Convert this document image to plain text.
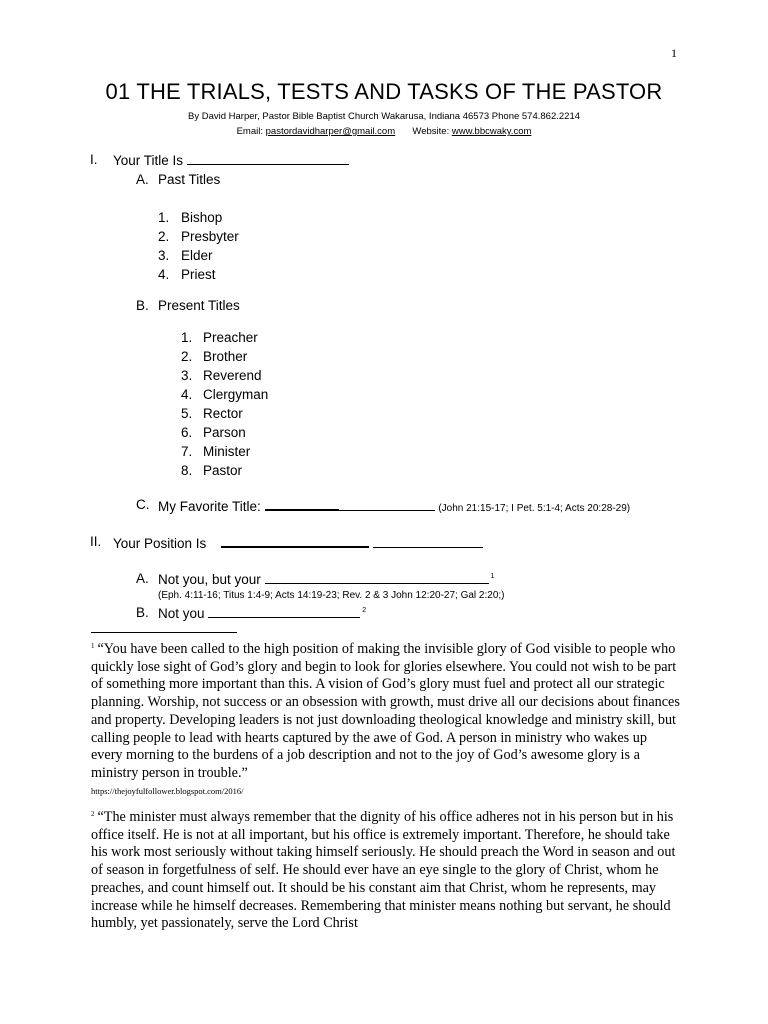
1
01 THE TRIALS, TESTS AND TASKS OF THE PASTOR
By David Harper, Pastor Bible Baptist Church Wakarusa, Indiana 46573 Phone 574.862.2214
Email: pastordavidharper@gmail.com Website: www.bbcwaky.com
I. Your Title Is
A. Past Titles
1. Bishop
2. Presbyter
3. Elder
4. Priest
B. Present Titles
1. Preacher
2. Brother
3. Reverend
4. Clergyman
5. Rector
6. Parson
7. Minister
8. Pastor
C. My Favorite Title:	(John 21:15-17; I Pet. 5:1-4; Acts 20:28-29)
II. Your Position Is
A. Not you, but your	$^1$
(Eph. 4:11-16; Titus 1:4-9; Acts 14:19-23; Rev. 2 & 3 John 12:20-27; Gal 2:20;)
B. Not you	$^2$
$^1$ “You have been called to the high position of making the invisible glory of God visible to people who quickly lose sight of God’s glory and begin to look for glories elsewhere. You could not wish to be part of something more important than this. A vision of God’s glory must fuel and protect all our strategic planning. Worship, not success or an obsession with growth, must drive all our decisions about finances and property. Developing leaders is not just downloading theological knowledge and ministry skill, but calling people to lead with hearts captured by the awe of God. A person in ministry who wakes up every morning to the burdens of a job description and not to the joy of God’s awesome glory is a ministry person in trouble.”
https://thejoyfulfollower.blogspot.com/2016/
$^2$ “The minister must always remember that the dignity of his office adheres not in his person but in his office itself. He is not at all important, but his office is extremely important. Therefore, he should take his work most seriously without taking himself seriously. He should preach the Word in season and out of season in forgetfulness of self. He should ever have an eye single to the glory of Christ, whom he preaches, and count himself out. It should be his constant aim that Christ, whom he represents, may increase while he himself decreases. Remembering that minister means nothing but servant, he should humbly, yet passionately, serve the Lord Christ
